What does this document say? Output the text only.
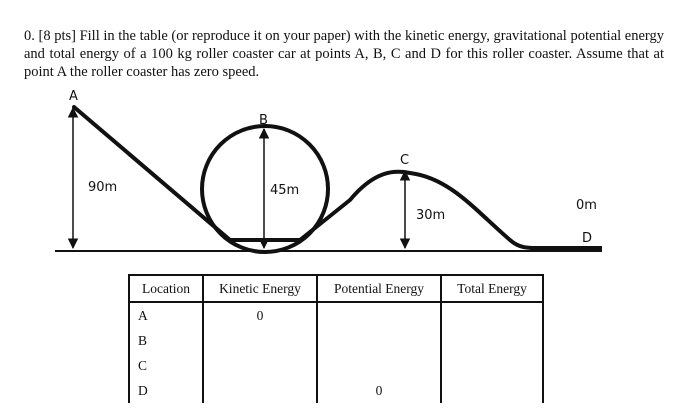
0. [8 pts] Fill in the table (or reproduce it on your paper) with the kinetic energy, gravitational potential energy and total energy of a 100 kg roller coaster car at points A, B, C and D for this roller coaster. Assume that at point A the roller coaster has zero speed.

A
B
C
D
90m	45m
30m
0m
Location	Kinetic Energy	Potential Energy	Total Energy
A	0		
B			
C			
D		0	
